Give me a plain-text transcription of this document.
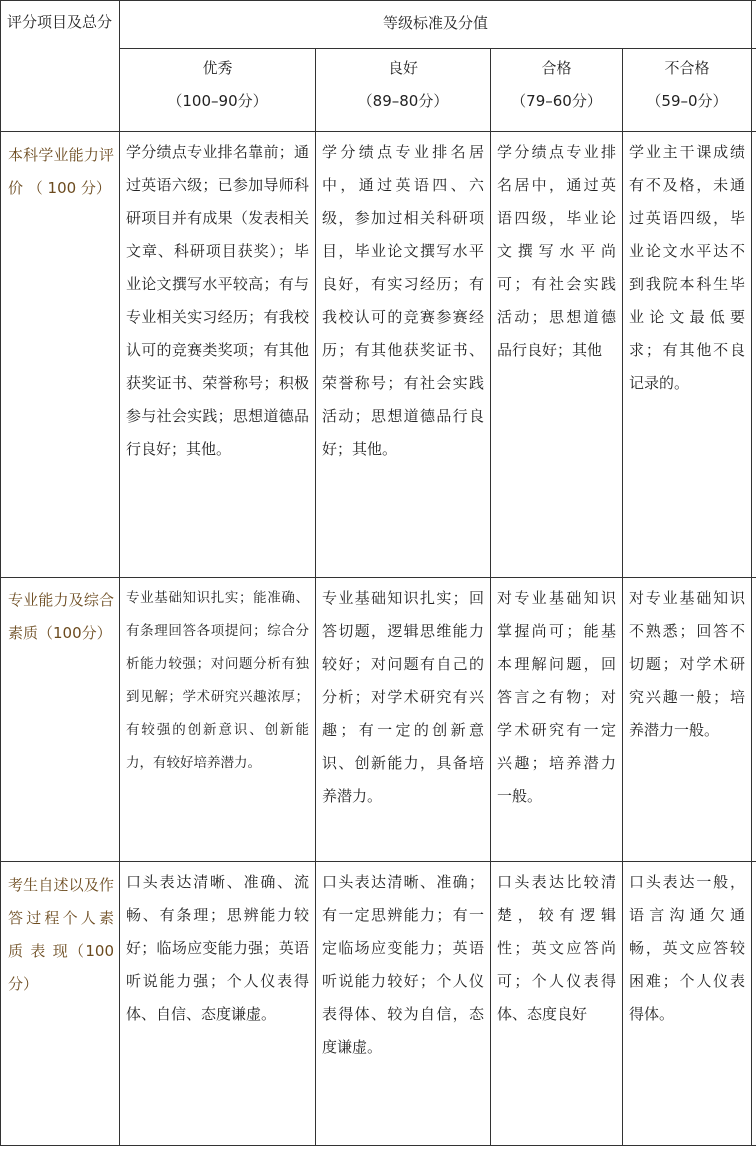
评分项目及总分	等级标准及分值
优秀
（100–90分）
良好
（89–80分）
合格
（79–60分）
不合格
（59–0分）
本科学业能力评 价 （ 100 分）
学分绩点专业排名靠前；通过英语六级；已参加导师科研项目并有成果（发表相关文章、科研项目获奖）；毕业论文撰写水平较高；有与专业相关实习经历；有我校认可的竞赛类奖项；有其他获奖证书、荣誉称号；积极参与社会实践；思想道德品行良好；其他。
学分绩点专业排名居中，通过英语四、六级，参加过相关科研项目，毕业论文撰写水平良好，有实习经历；有我校认可的竞赛参赛经历；有其他获奖证书、荣誉称号；有社会实践活动；思想道德品行良好；其他。
学分绩点专业排名居中，通过英语四级，毕业论文撰写水平尚可；有社会实践活动；思想道德品行良好；其他
学业主干课成绩有不及格，未通过英语四级，毕业论文水平达不到我院本科生毕业论文最低要求；有其他不良记录的。
专业能力及综合素质（100分）
专业基础知识扎实；能准确、有条理回答各项提问；综合分析能力较强；对问题分析有独到见解；学术研究兴趣浓厚；有较强的创新意识、创新能力，有较好培养潜力。
专业基础知识扎实；回答切题，逻辑思维能力较好；对问题有自己的分析；对学术研究有兴趣；有一定的创新意识、创新能力，具备培养潜力。
对专业基础知识掌握尚可；能基本理解问题，回答言之有物；对学术研究有一定兴趣；培养潜力一般。
对专业基础知识不熟悉；回答不切题；对学术研究兴趣一般；培养潜力一般。
考生自述以及作答过程个人素 质 表 现（100分）
口头表达清晰、准确、流畅、有条理；思辨能力较好；临场应变能力强；英语听说能力强；个人仪表得体、自信、态度谦虚。
口头表达清晰、准确；有一定思辨能力；有一定临场应变能力；英语听说能力较好；个人仪表得体、较为自信，态度谦虚。
口头表达比较清楚，较有逻辑性；英文应答尚可；个人仪表得体、态度良好
口头表达一般，语言沟通欠通畅，英文应答较困难；个人仪表得体。
